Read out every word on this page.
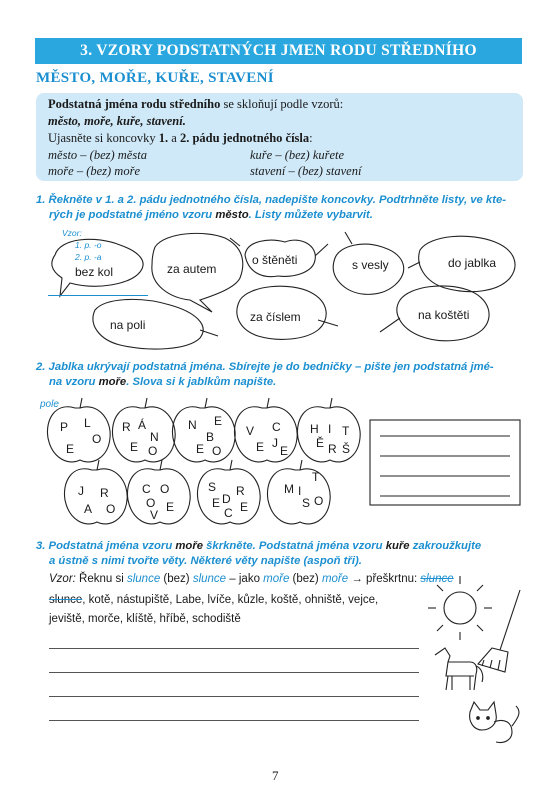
3. VZORY PODSTATNÝCH JMEN RODU STŘEDNÍHO
MĚSTO, MOŘE, KUŘE, STAVENÍ
Podstatná jména rodu středního se skloňují podle vzorů:
město, moře, kuře, stavení.
Ujasněte si koncovky 1. a 2. pádu jednotného čísla:
město – (bez) města	kuře – (bez) kuřete
moře – (bez) moře	stavení – (bez) stavení
1. Řekněte v 1. a 2. pádu jednotného čísla, nadepište koncovky. Podtrhněte listy, ve kte-
rých je podstatné jméno vzoru město. Listy můžete vybarvit.
Vzor:
1. p. -o
2. p. -a
bez kol	za autem
o štěněti	s vesly	do jablka
na poli
za číslem	na koštěti
2. Jablka ukrývají podstatná jména. Sbírejte je do bedničky – pište jen podstatná jmé-
na vzoru moře. Slova si k jablkům napište.
pole
P L
O
E
R Á
N
O
E
N
B
E
E O
V C
E J
E
H I T
Ě R Š
J R
A O
C O
O
V
E
S
D
R
E
C E
T
M I
S O
3. Podstatná jména vzoru moře škrkněte. Podstatná jména vzoru kuře zakroužkujte
a ústně s nimi tvořte věty. Některé věty napište (aspoň tři).
Vzor: Řeknu si slunce (bez) slunce – jako moře (bez) moře → přeškrtnu: slunce
slunce, kotě, nástupiště, Labe, lvíče, kůzle, koště, ohniště, vejce,
jeviště, morče, klíště, hříbě, schodiště
7
